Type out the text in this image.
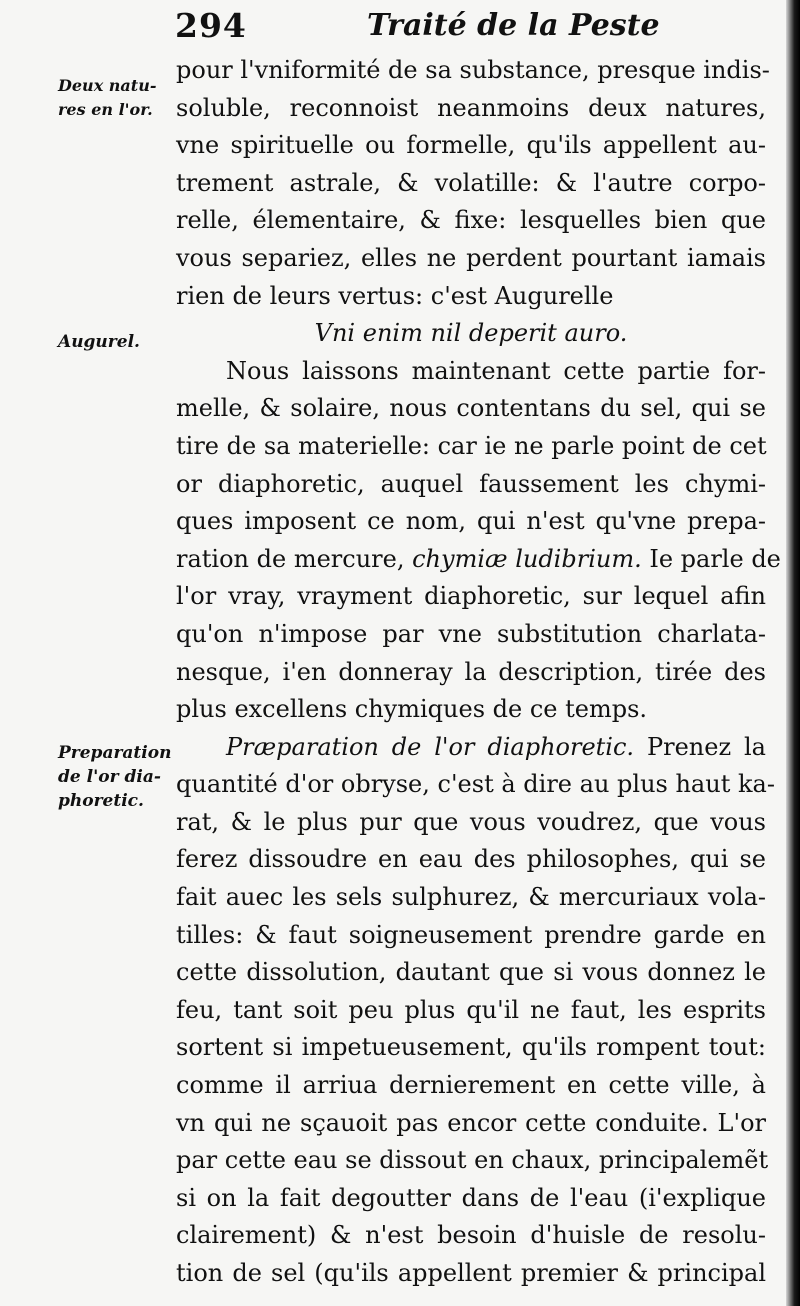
294	Traité de la Peste
Deux natu-
res en l'or.
Augurel.
Preparation
de l'or dia-
phoretic.
pour l'vniformité de sa substance, presque indis-
soluble, reconnoist neanmoins deux natures,
vne spirituelle ou formelle, qu'ils appellent au-
trement astrale, & volatille: & l'autre corpo-
relle, élementaire, & fixe: lesquelles bien que
vous separiez, elles ne perdent pourtant iamais
rien de leurs vertus: c'est Augurelle
Vni enim nil deperit auro.
Nous laissons maintenant cette partie for-
melle, & solaire, nous contentans du sel, qui se
tire de sa materielle: car ie ne parle point de cet
or diaphoretic, auquel faussement les chymi-
ques imposent ce nom, qui n'est qu'vne prepa-
ration de mercure, chymiæ ludibrium. Ie parle de
l'or vray, vrayment diaphoretic, sur lequel afin
qu'on n'impose par vne substitution charlata-
nesque, i'en donneray la description, tirée des
plus excellens chymiques de ce temps.
Præparation de l'or diaphoretic. Prenez la
quantité d'or obryse, c'est à dire au plus haut ka-
rat, & le plus pur que vous voudrez, que vous
ferez dissoudre en eau des philosophes, qui se
fait auec les sels sulphurez, & mercuriaux vola-
tilles: & faut soigneusement prendre garde en
cette dissolution, dautant que si vous donnez le
feu, tant soit peu plus qu'il ne faut, les esprits
sortent si impetueusement, qu'ils rompent tout:
comme il arriua dernierement en cette ville, à
vn qui ne sçauoit pas encor cette conduite. L'or
par cette eau se dissout en chaux, principalemẽt
si on la fait degoutter dans de l'eau (i'explique
clairement) & n'est besoin d'huisle de resolu-
tion de sel (qu'ils appellent premier & principal
